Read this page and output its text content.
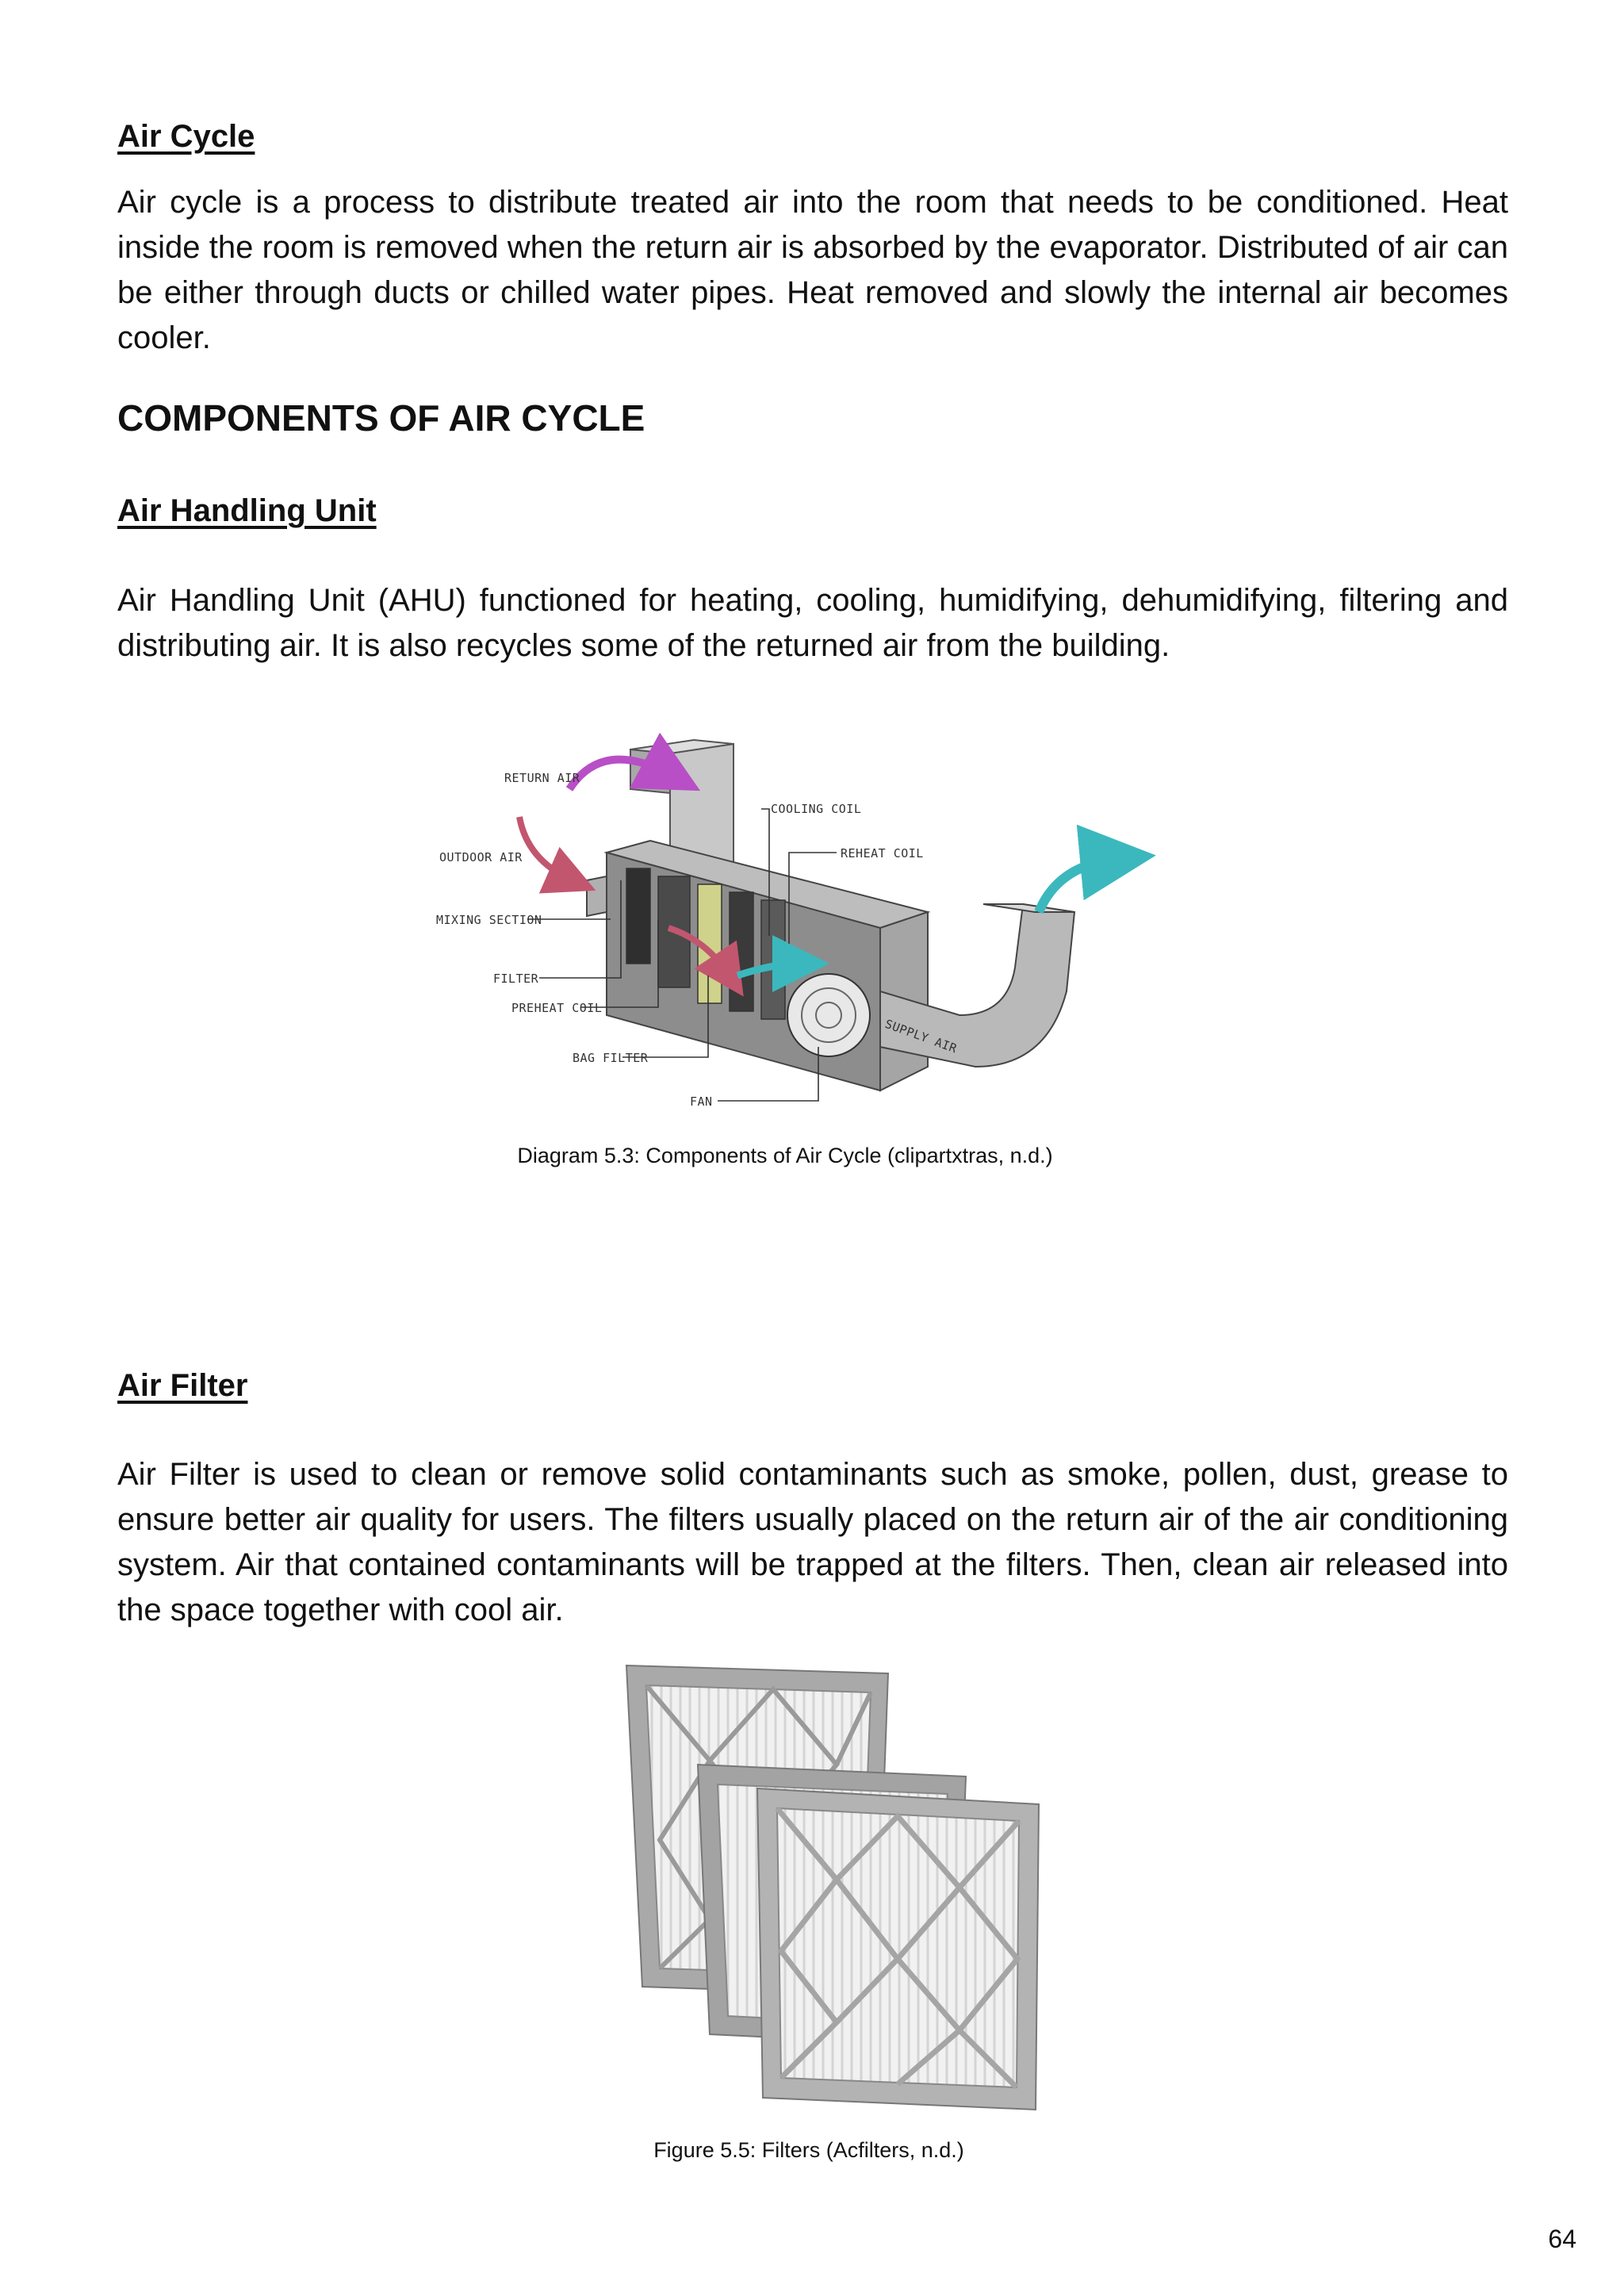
Air Cycle

Air cycle is a process to distribute treated air into the room that needs to be conditioned. Heat inside the room is removed when the return air is absorbed by the evaporator. Distributed of air can be either through ducts or chilled water pipes. Heat removed and slowly the internal air becomes cooler.

COMPONENTS OF AIR CYCLE
Air Handling Unit

Air Handling Unit (AHU) functioned for heating, cooling, humidifying, dehumidifying, filtering and distributing air. It is also recycles some of the returned air from the building.

SUPPLY AIR
RETURN AIR
OUTDOOR AIR
MIXING SECTION
FILTER
PREHEAT COIL
BAG FILTER
FAN
COOLING COIL
REHEAT COIL

Diagram 5.3: Components of Air Cycle (clipartxtras, n.d.)

Air Filter

Air Filter is used to clean or remove solid contaminants such as smoke, pollen, dust, grease to ensure better air quality for users. The filters usually placed on the return air of the air conditioning system. Air that contained contaminants will be trapped at the filters. Then, clean air released into the space together with cool air.

Figure 5.5: Filters (Acfilters, n.d.)

64
